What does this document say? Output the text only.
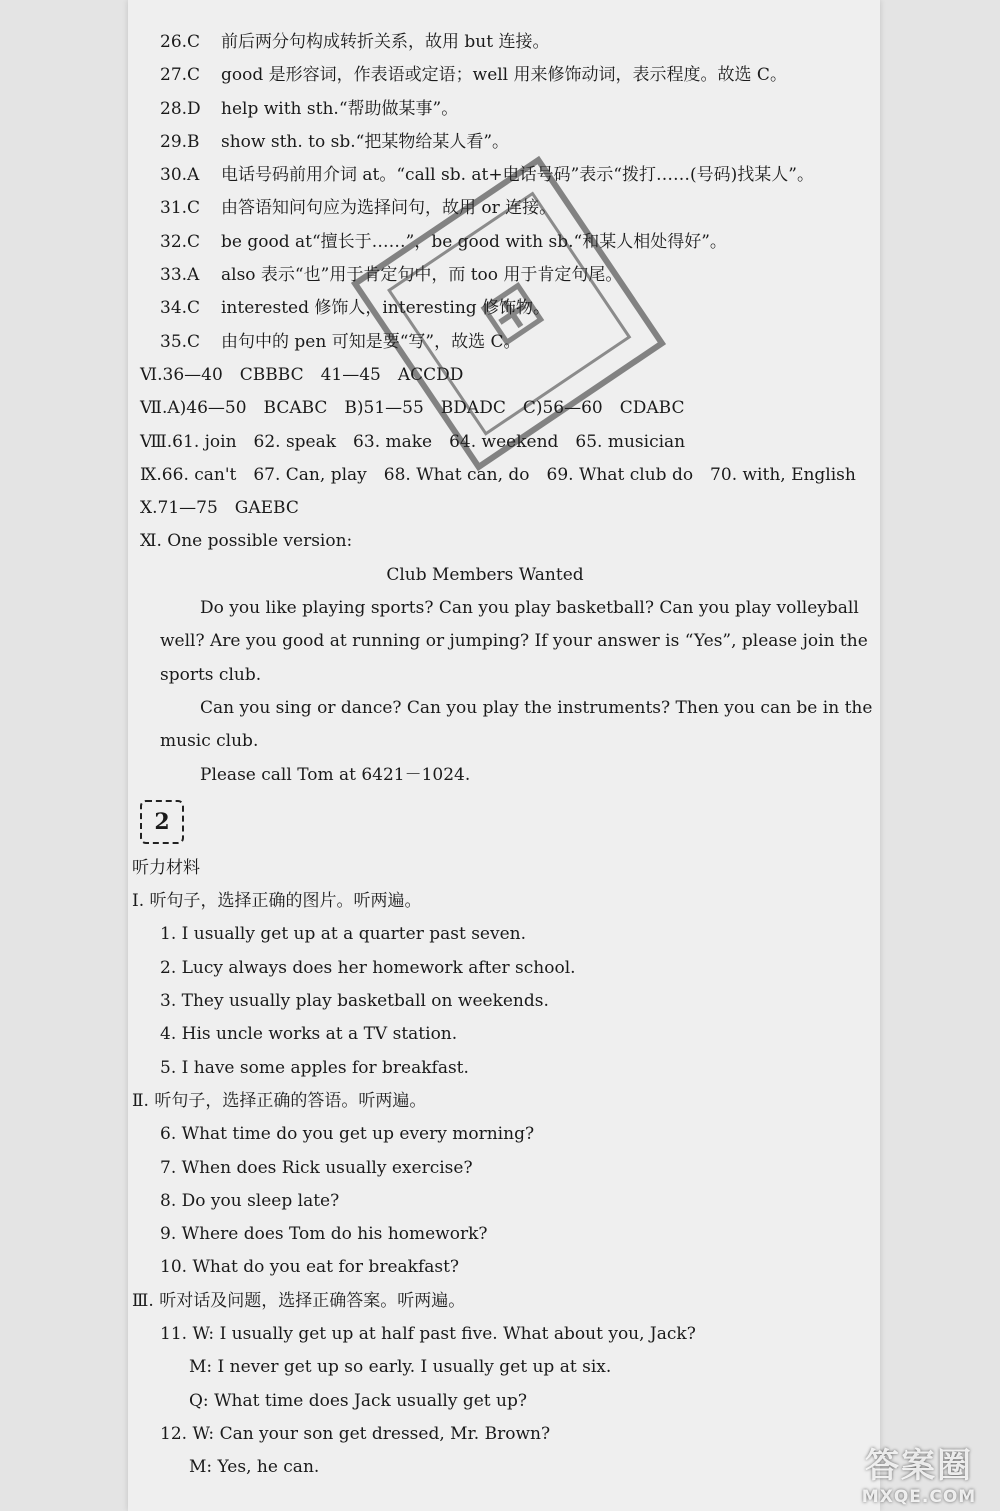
26.C 前后两分句构成转折关系，故用 but 连接。
27.C good 是形容词，作表语或定语；well 用来修饰动词，表示程度。故选 C。
28.D help with sth.“帮助做某事”。
29.B show sth. to sb.“把某物给某人看”。
30.A 电话号码前用介词 at。“call sb. at+电话号码”表示“拨打……(号码)找某人”。
31.C 由答语知问句应为选择问句，故用 or 连接。
32.C be good at“擅长于……”，be good with sb.“和某人相处得好”。
33.A also 表示“也”用于肯定句中，而 too 用于肯定句尾。
34.C interested 修饰人，interesting 修饰物。
35.C 由句中的 pen 可知是要“写”，故选 C。
Ⅵ.36—40　CBBBC　41—45　ACCDD
Ⅶ.A)46—50　BCABC　B)51—55　BDADC　C)56—60　CDABC
Ⅷ.61. join　62. speak　63. make　64. weekend　65. musician
Ⅸ.66. can't　67. Can, play　68. What can, do　69. What club do　70. with, English
Ⅹ.71—75　GAEBC
Ⅺ. One possible version:
Club Members Wanted
Do you like playing sports? Can you play basketball? Can you play volleyball
well? Are you good at running or jumping? If your answer is “Yes”, please join the
sports club.
Can you sing or dance? Can you play the instruments? Then you can be in the
music club.
Please call Tom at 6421－1024.
2
听力材料
Ⅰ. 听句子，选择正确的图片。听两遍。
1. I usually get up at a quarter past seven.
2. Lucy always does her homework after school.
3. They usually play basketball on weekends.
4. His uncle works at a TV station.
5. I have some apples for breakfast.
Ⅱ. 听句子，选择正确的答语。听两遍。
6. What time do you get up every morning?
7. When does Rick usually exercise?
8. Do you sleep late?
9. Where does Tom do his homework?
10. What do you eat for breakfast?
Ⅲ. 听对话及问题，选择正确答案。听两遍。
11. W: I usually get up at half past five. What about you, Jack?
M: I never get up so early. I usually get up at six.
Q: What time does Jack usually get up?
12. W: Can your son get dressed, Mr. Brown?
M: Yes, he can.
⊞
答案圈
MXQE.COM
